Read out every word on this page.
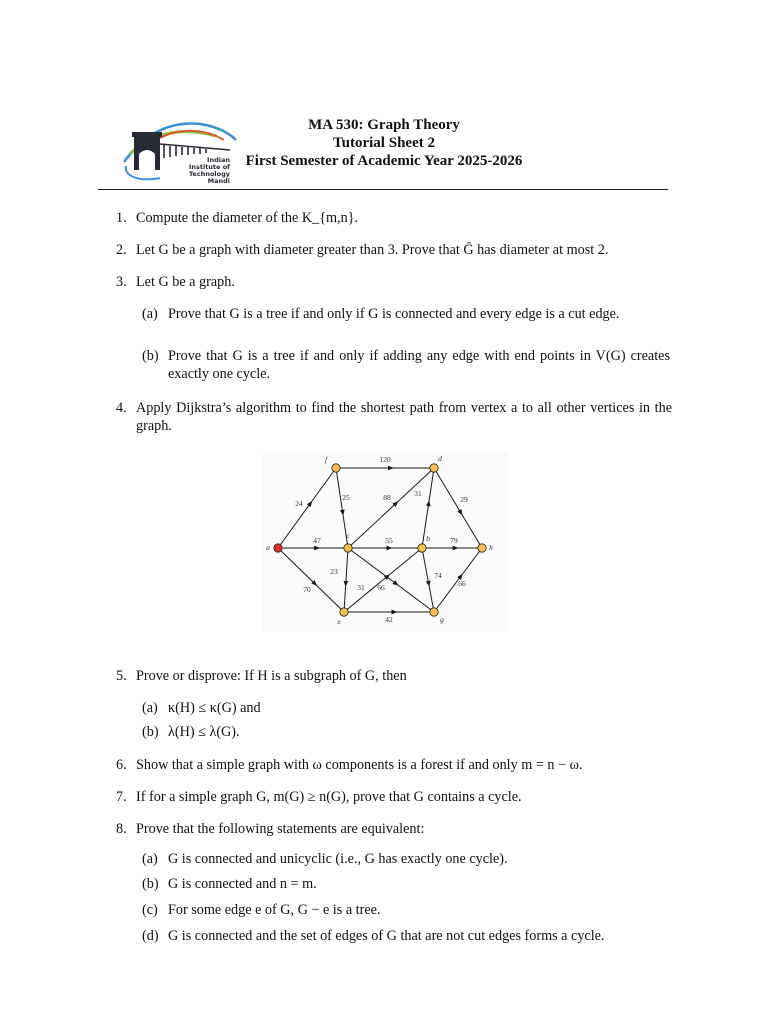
Indian
Institute of
Technology
Mandi
MA 530: Graph Theory
Tutorial Sheet 2
First Semester of Academic Year 2025-2026
1. Compute the diameter of the K_{m,n}.
2. Let G be a graph with diameter greater than 3. Prove that Ḡ has diameter at most 2.
3. Let G be a graph.
(a) Prove that G is a tree if and only if G is connected and every edge is a cut edge.
(b) Prove that G is a tree if and only if adding any edge with end points in V(G) creates exactly one cycle.
4. Apply Dijkstra’s algorithm to find the shortest path from vertex a to all other vertices in the graph.
24
47
70
120
25	88
55
23
31 66
42
31
79
74
29
66
a
f	d
c	b
h
e	g
5. Prove or disprove: If H is a subgraph of G, then
(a) κ(H) ≤ κ(G) and
(b) λ(H) ≤ λ(G).
6. Show that a simple graph with ω components is a forest if and only m = n − ω.
7. If for a simple graph G, m(G) ≥ n(G), prove that G contains a cycle.
8. Prove that the following statements are equivalent:
(a) G is connected and unicyclic (i.e., G has exactly one cycle).
(b) G is connected and n = m.
(c) For some edge e of G, G − e is a tree.
(d) G is connected and the set of edges of G that are not cut edges forms a cycle.
